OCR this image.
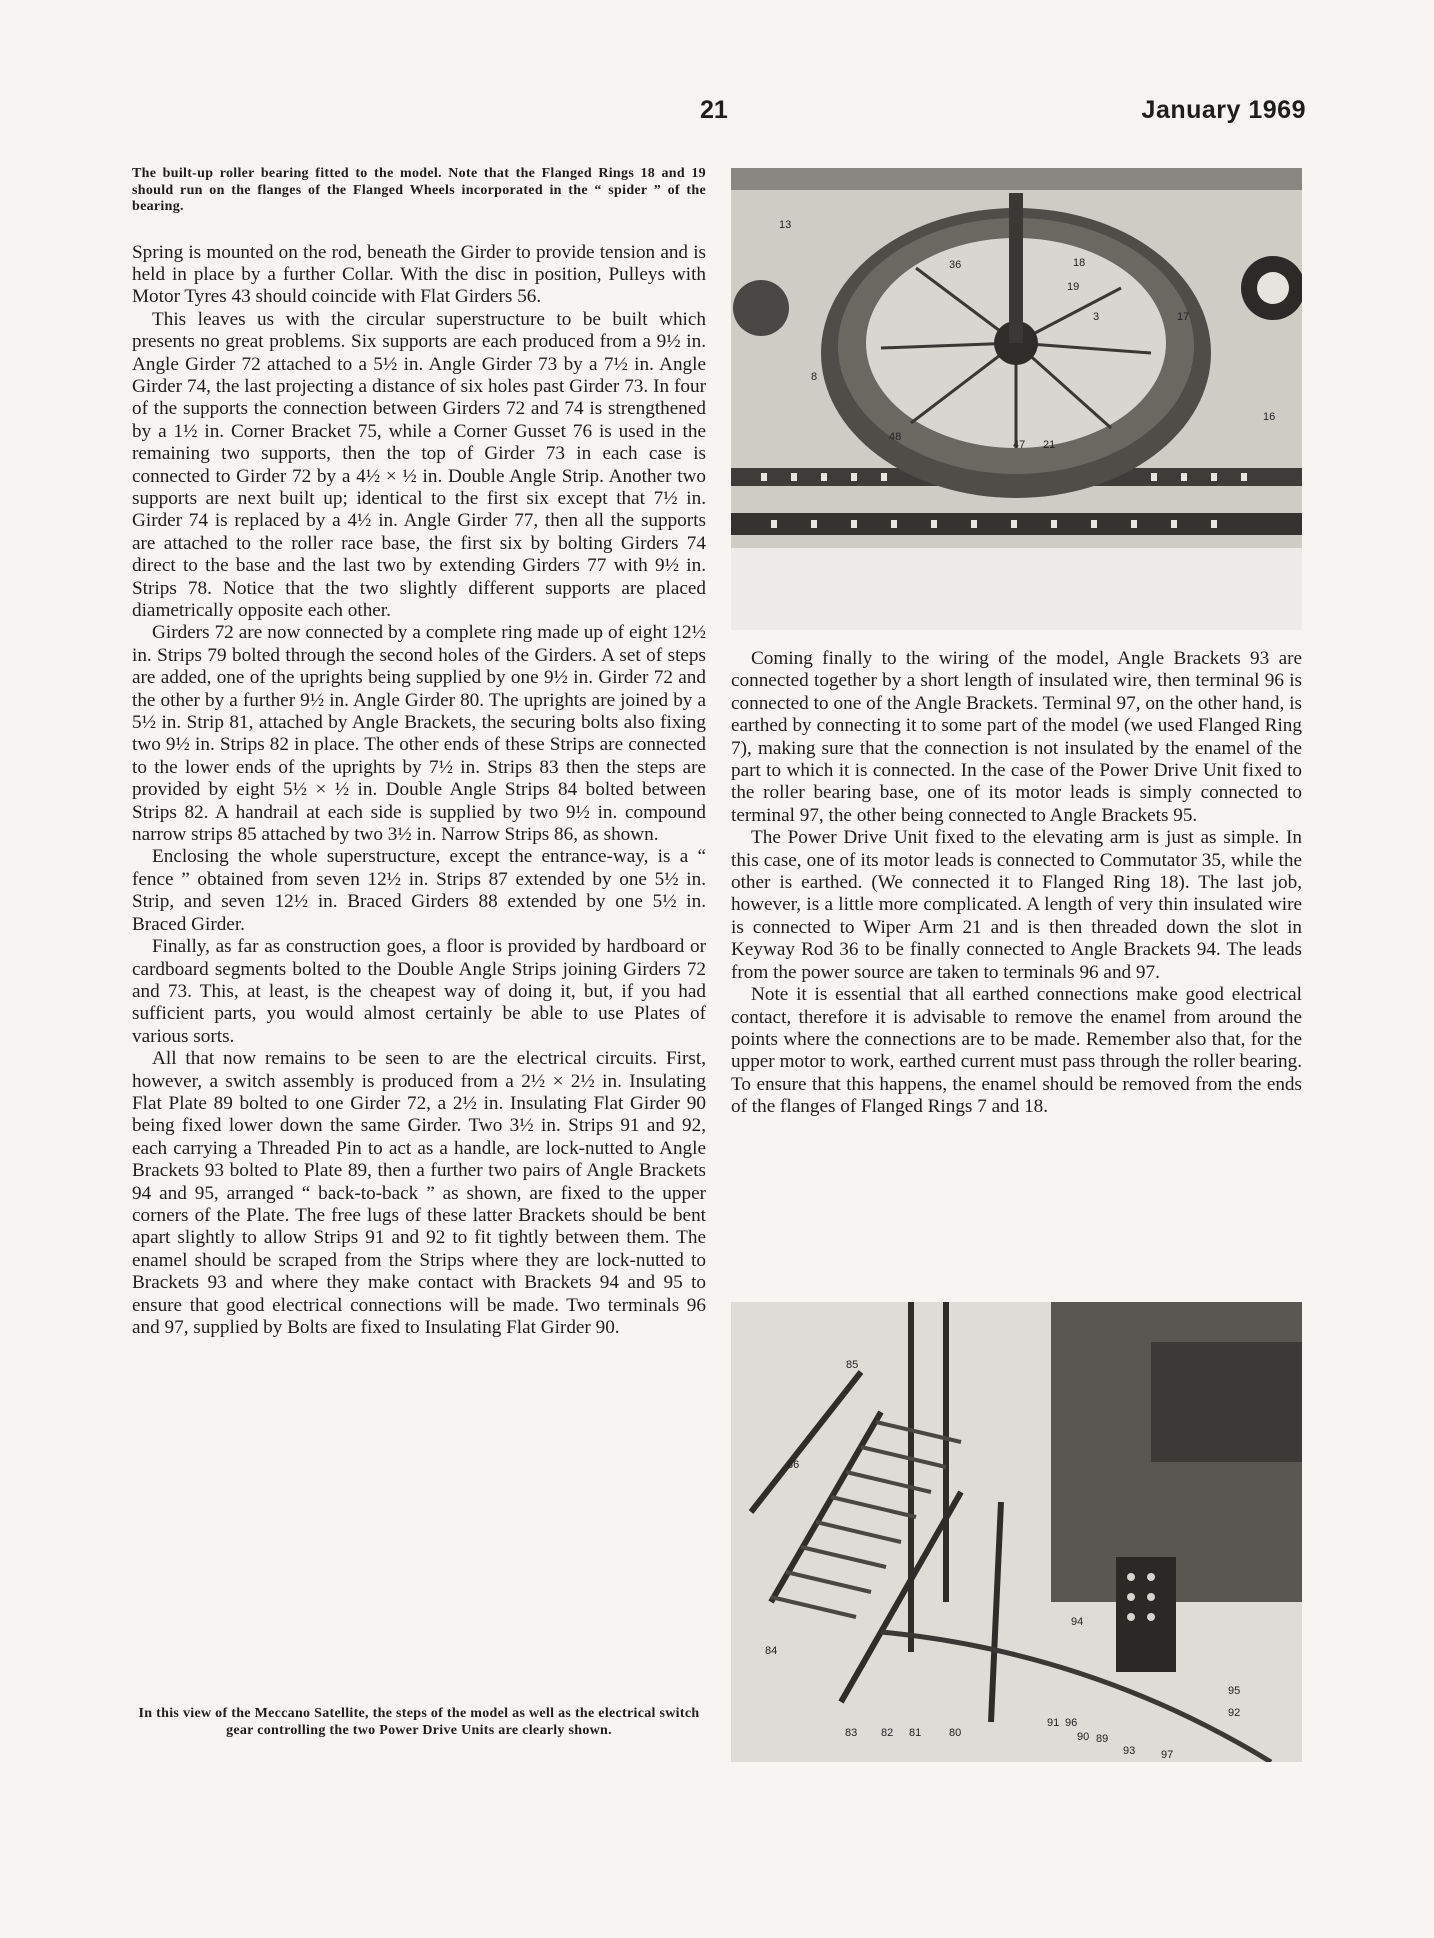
21	January 1969
The built-up roller bearing fitted to the model. Note that the Flanged Rings 18 and 19 should run on the flanges of the Flanged Wheels incorporated in the “ spider ” of the bearing.

Spring is mounted on the rod, beneath the Girder to provide tension and is held in place by a further Collar. With the disc in position, Pulleys with Motor Tyres 43 should coincide with Flat Girders 56.

This leaves us with the circular superstructure to be built which presents no great problems. Six supports are each produced from a 9½ in. Angle Girder 72 attached to a 5½ in. Angle Girder 73 by a 7½ in. Angle Girder 74, the last projecting a distance of six holes past Girder 73. In four of the supports the connection between Girders 72 and 74 is strengthened by a 1½ in. Corner Bracket 75, while a Corner Gusset 76 is used in the remaining two supports, then the top of Girder 73 in each case is connected to Girder 72 by a 4½ × ½ in. Double Angle Strip. Another two supports are next built up; identical to the first six except that 7½ in. Girder 74 is replaced by a 4½ in. Angle Girder 77, then all the supports are attached to the roller race base, the first six by bolting Girders 74 direct to the base and the last two by extending Girders 77 with 9½ in. Strips 78. Notice that the two slightly different supports are placed diametrically opposite each other.

Girders 72 are now connected by a complete ring made up of eight 12½ in. Strips 79 bolted through the second holes of the Girders. A set of steps are added, one of the uprights being supplied by one 9½ in. Girder 72 and the other by a further 9½ in. Angle Girder 80. The uprights are joined by a 5½ in. Strip 81, attached by Angle Brackets, the securing bolts also fixing two 9½ in. Strips 82 in place. The other ends of these Strips are connected to the lower ends of the uprights by 7½ in. Strips 83 then the steps are provided by eight 5½ × ½ in. Double Angle Strips 84 bolted between Strips 82. A handrail at each side is supplied by two 9½ in. compound narrow strips 85 attached by two 3½ in. Narrow Strips 86, as shown.

Enclosing the whole superstructure, except the entrance-way, is a “ fence ” obtained from seven 12½ in. Strips 87 extended by one 5½ in. Strip, and seven 12½ in. Braced Girders 88 extended by one 5½ in. Braced Girder.

Finally, as far as construction goes, a floor is provided by hardboard or cardboard segments bolted to the Double Angle Strips joining Girders 72 and 73. This, at least, is the cheapest way of doing it, but, if you had sufficient parts, you would almost certainly be able to use Plates of various sorts.

All that now remains to be seen to are the electrical circuits. First, however, a switch assembly is produced from a 2½ × 2½ in. Insulating Flat Plate 89 bolted to one Girder 72, a 2½ in. Insulating Flat Girder 90 being fixed lower down the same Girder. Two 3½ in. Strips 91 and 92, each carrying a Threaded Pin to act as a handle, are lock-nutted to Angle Brackets 93 bolted to Plate 89, then a further two pairs of Angle Brackets 94 and 95, arranged “ back-to-back ” as shown, are fixed to the upper corners of the Plate. The free lugs of these latter Brackets should be bent apart slightly to allow Strips 91 and 92 to fit tightly between them. The enamel should be scraped from the Strips where they are lock-nutted to Brackets 93 and where they make contact with Brackets 94 and 95 to ensure that good electrical connections will be made. Two terminals 96 and 97, supplied by Bolts are fixed to Insulating Flat Girder 90.

In this view of the Meccano Satellite, the steps of the model as well as the electrical switch gear controlling the two Power Drive Units are clearly shown.
13
36	18
19
3	17
8
48
47 21
16

Coming finally to the wiring of the model, Angle Brackets 93 are connected together by a short length of insulated wire, then terminal 96 is connected to one of the Angle Brackets. Terminal 97, on the other hand, is earthed by connecting it to some part of the model (we used Flanged Ring 7), making sure that the connection is not insulated by the enamel of the part to which it is connected. In the case of the Power Drive Unit fixed to the roller bearing base, one of its motor leads is simply connected to terminal 97, the other being connected to Angle Brackets 95.

The Power Drive Unit fixed to the elevating arm is just as simple. In this case, one of its motor leads is connected to Commutator 35, while the other is earthed. (We connected it to Flanged Ring 18). The last job, however, is a little more complicated. A length of very thin insulated wire is connected to Wiper Arm 21 and is then threaded down the slot in Keyway Rod 36 to be finally connected to Angle Brackets 94. The leads from the power source are taken to terminals 96 and 97.

Note it is essential that all earthed connections make good electrical contact, therefore it is advisable to remove the enamel from around the points where the connections are to be made. Remember also that, for the upper motor to work, earthed current must pass through the roller bearing. To ensure that this happens, the enamel should be removed from the ends of the flanges of Flanged Rings 7 and 18.

85
86
84
83 82 81	80
94
95
92
91 96
90 89
93 97
